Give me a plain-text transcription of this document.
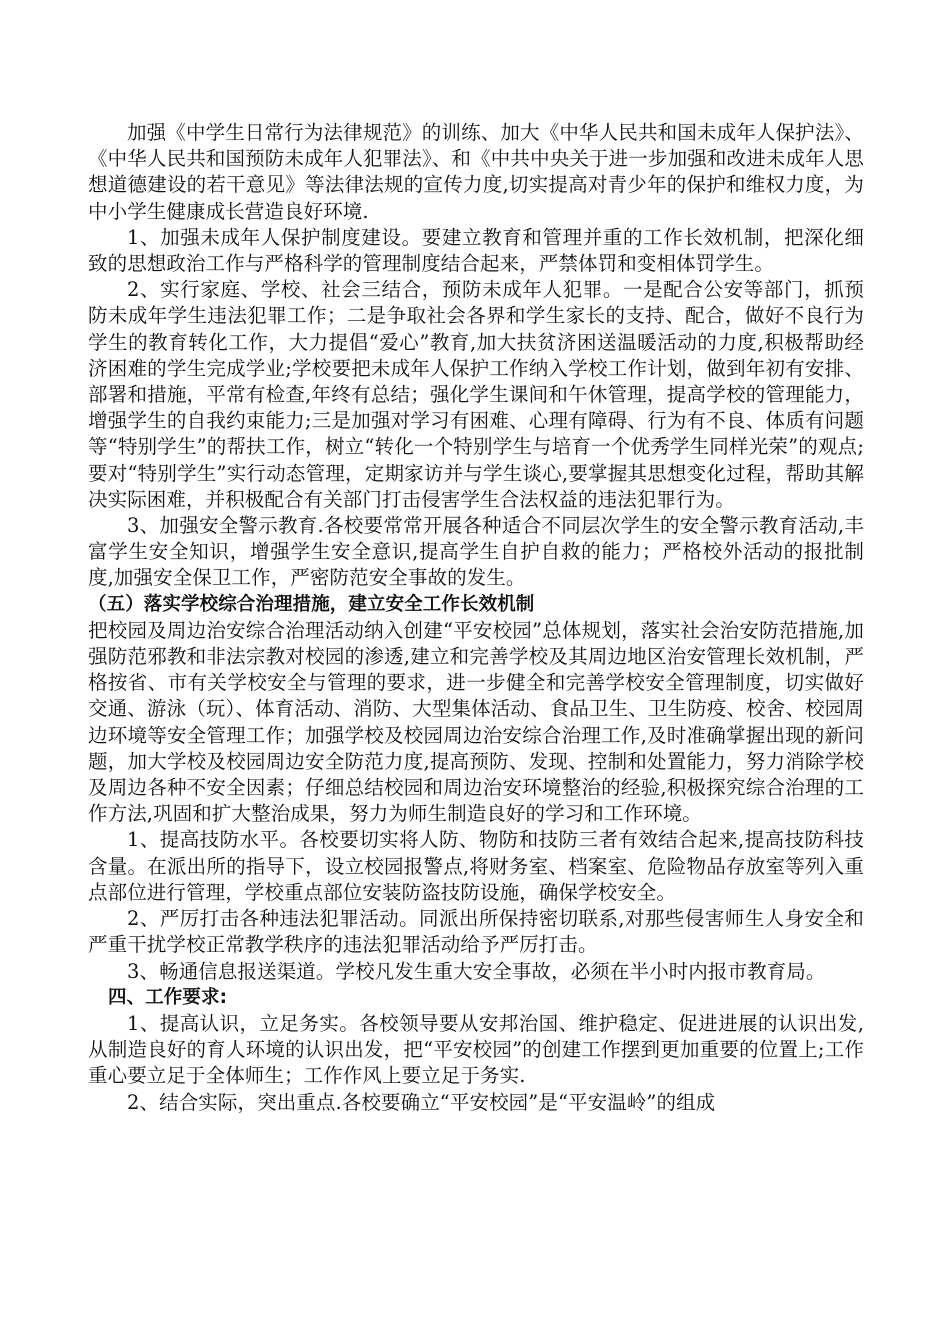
加强《中学生日常行为法律规范》的训练、加大《中华人民共和国未成年人保护法》、《中华人民共和国预防未成年人犯罪法》、和《中共中央关于进一步加强和改进未成年人思想道德建设的若干意见》等法律法规的宣传力度,切实提高对青少年的保护和维权力度，为中小学生健康成长营造良好环境.

1、加强未成年人保护制度建设。要建立教育和管理并重的工作长效机制，把深化细致的思想政治工作与严格科学的管理制度结合起来，严禁体罚和变相体罚学生。

2、实行家庭、学校、社会三结合，预防未成年人犯罪。一是配合公安等部门，抓预防未成年学生违法犯罪工作；二是争取社会各界和学生家长的支持、配合，做好不良行为学生的教育转化工作，大力提倡“爱心”教育,加大扶贫济困送温暖活动的力度,积极帮助经济困难的学生完成学业;学校要把未成年人保护工作纳入学校工作计划，做到年初有安排、部署和措施，平常有检查,年终有总结；强化学生课间和午休管理，提高学校的管理能力，增强学生的自我约束能力;三是加强对学习有困难、心理有障碍、行为有不良、体质有问题等“特别学生”的帮扶工作，树立“转化一个特别学生与培育一个优秀学生同样光荣”的观点;要对“特别学生”实行动态管理，定期家访并与学生谈心,要掌握其思想变化过程，帮助其解决实际困难，并积极配合有关部门打击侵害学生合法权益的违法犯罪行为。

3、加强安全警示教育.各校要常常开展各种适合不同层次学生的安全警示教育活动,丰富学生安全知识，增强学生安全意识,提高学生自护自救的能力；严格校外活动的报批制度,加强安全保卫工作，严密防范安全事故的发生。

（五）落实学校综合治理措施，建立安全工作长效机制

把校园及周边治安综合治理活动纳入创建“平安校园”总体规划，落实社会治安防范措施,加强防范邪教和非法宗教对校园的渗透,建立和完善学校及其周边地区治安管理长效机制，严格按省、市有关学校安全与管理的要求，进一步健全和完善学校安全管理制度，切实做好交通、游泳（玩）、体育活动、消防、大型集体活动、食品卫生、卫生防疫、校舍、校园周边环境等安全管理工作；加强学校及校园周边治安综合治理工作,及时准确掌握出现的新问题，加大学校及校园周边安全防范力度,提高预防、发现、控制和处置能力，努力消除学校及周边各种不安全因素；仔细总结校园和周边治安环境整治的经验,积极探究综合治理的工作方法,巩固和扩大整治成果，努力为师生制造良好的学习和工作环境。

1、提高技防水平。各校要切实将人防、物防和技防三者有效结合起来,提高技防科技含量。在派出所的指导下，设立校园报警点,将财务室、档案室、危险物品存放室等列入重点部位进行管理，学校重点部位安装防盗技防设施，确保学校安全。

2、严厉打击各种违法犯罪活动。同派出所保持密切联系,对那些侵害师生人身安全和严重干扰学校正常教学秩序的违法犯罪活动给予严厉打击。

3、畅通信息报送渠道。学校凡发生重大安全事故，必须在半小时内报市教育局。

四、工作要求:

1、提高认识，立足务实。各校领导要从安邦治国、维护稳定、促进进展的认识出发,从制造良好的育人环境的认识出发，把“平安校园”的创建工作摆到更加重要的位置上;工作重心要立足于全体师生；工作作风上要立足于务实.

2、结合实际，突出重点.各校要确立“平安校园”是“平安温岭”的组成
